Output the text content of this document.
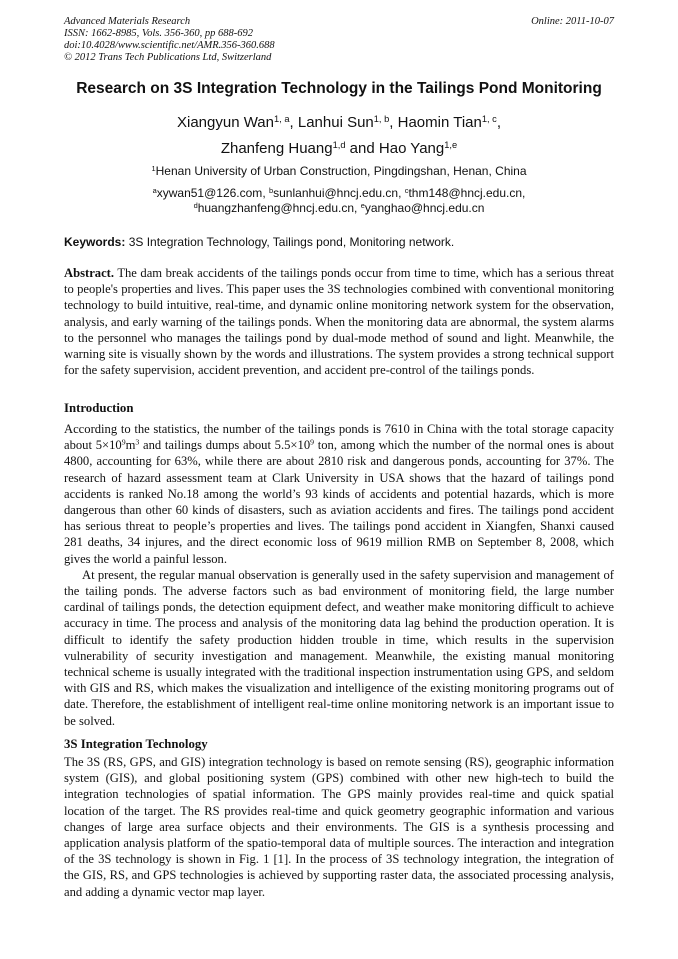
Advanced Materials Research
ISSN: 1662-8985, Vols. 356-360, pp 688-692
doi:10.4028/www.scientific.net/AMR.356-360.688
© 2012 Trans Tech Publications Ltd, Switzerland
Online: 2011-10-07
Research on 3S Integration Technology in the Tailings Pond Monitoring
Xiangyun Wan$^{1, a}$, Lanhui Sun$^{1, b}$, Haomin Tian$^{1, c}$,
Zhanfeng Huang$^{1,d}$ and Hao Yang$^{1,e}$
$^1$Henan University of Urban Construction, Pingdingshan, Henan, China
$^a$xywan51@126.com, $^b$sunlanhui@hncj.edu.cn, $^c$thm148@hncj.edu.cn,
$^d$huangzhanfeng@hncj.edu.cn, $^e$yanghao@hncj.edu.cn
Keywords: 3S Integration Technology, Tailings pond, Monitoring network.
Abstract. The dam break accidents of the tailings ponds occur from time to time, which has a serious threat to people's properties and lives. This paper uses the 3S technologies combined with conventional monitoring technology to build intuitive, real-time, and dynamic online monitoring network system for the observation, analysis, and early warning of the tailings ponds. When the monitoring data are abnormal, the system alarms to the personnel who manages the tailings pond by dual-mode method of sound and light. Meanwhile, the warning site is visually shown by the words and illustrations. The system provides a strong technical support for the safety supervision, accident prevention, and accident pre-control of the tailings ponds.
Introduction

According to the statistics, the number of the tailings ponds is 7610 in China with the total storage capacity about $5\times 10^9m^3$ and tailings dumps about $5.5\times 10^9$ ton, among which the number of the normal ones is about 4800, accounting for 63%, while there are about 2810 risk and dangerous ponds, accounting for 37%. The research of hazard assessment team at Clark University in USA shows that the hazard of tailings pond accidents is ranked No.18 among the world’s 93 kinds of accidents and potential hazards, which is more dangerous than other 60 kinds of disasters, such as aviation accidents and fires. The tailings pond accident has serious threat to people’s properties and lives. The tailings pond accident in Xiangfen, Shanxi caused 281 deaths, 34 injures, and the direct economic loss of 9619 million RMB on September 8, 2008, which gives the world a painful lesson.

At present, the regular manual observation is generally used in the safety supervision and management of the tailing ponds. The adverse factors such as bad environment of monitoring field, the large number cardinal of tailings ponds, the detection equipment defect, and weather make monitoring difficult to achieve accuracy in time. The process and analysis of the monitoring data lag behind the production operation. It is difficult to identify the safety production hidden trouble in time, which results in the supervision vulnerability of security investigation and management. Meanwhile, the existing manual monitoring technical scheme is usually integrated with the traditional inspection instrumentation using GPS, and seldom with GIS and RS, which makes the visualization and intelligence of the existing monitoring programs out of date. Therefore, the establishment of intelligent real-time online monitoring network is an important issue to be solved.

3S Integration Technology

The 3S (RS, GPS, and GIS) integration technology is based on remote sensing (RS), geographic information system (GIS), and global positioning system (GPS) combined with other new high-tech to build the integration technologies of spatial information. The GPS mainly provides real-time and quick spatial location of the target. The RS provides real-time and quick geometry geographic information and various changes of large area surface objects and their environments. The GIS is a synthesis processing and application analysis platform of the spatio-temporal data of multiple sources. The interaction and integration of the 3S technology is shown in Fig. 1 [1]. In the process of 3S technology integration, the integration of the GIS, RS, and GPS technologies is achieved by supporting raster data, the associated processing analysis, and adding a dynamic vector map layer.
